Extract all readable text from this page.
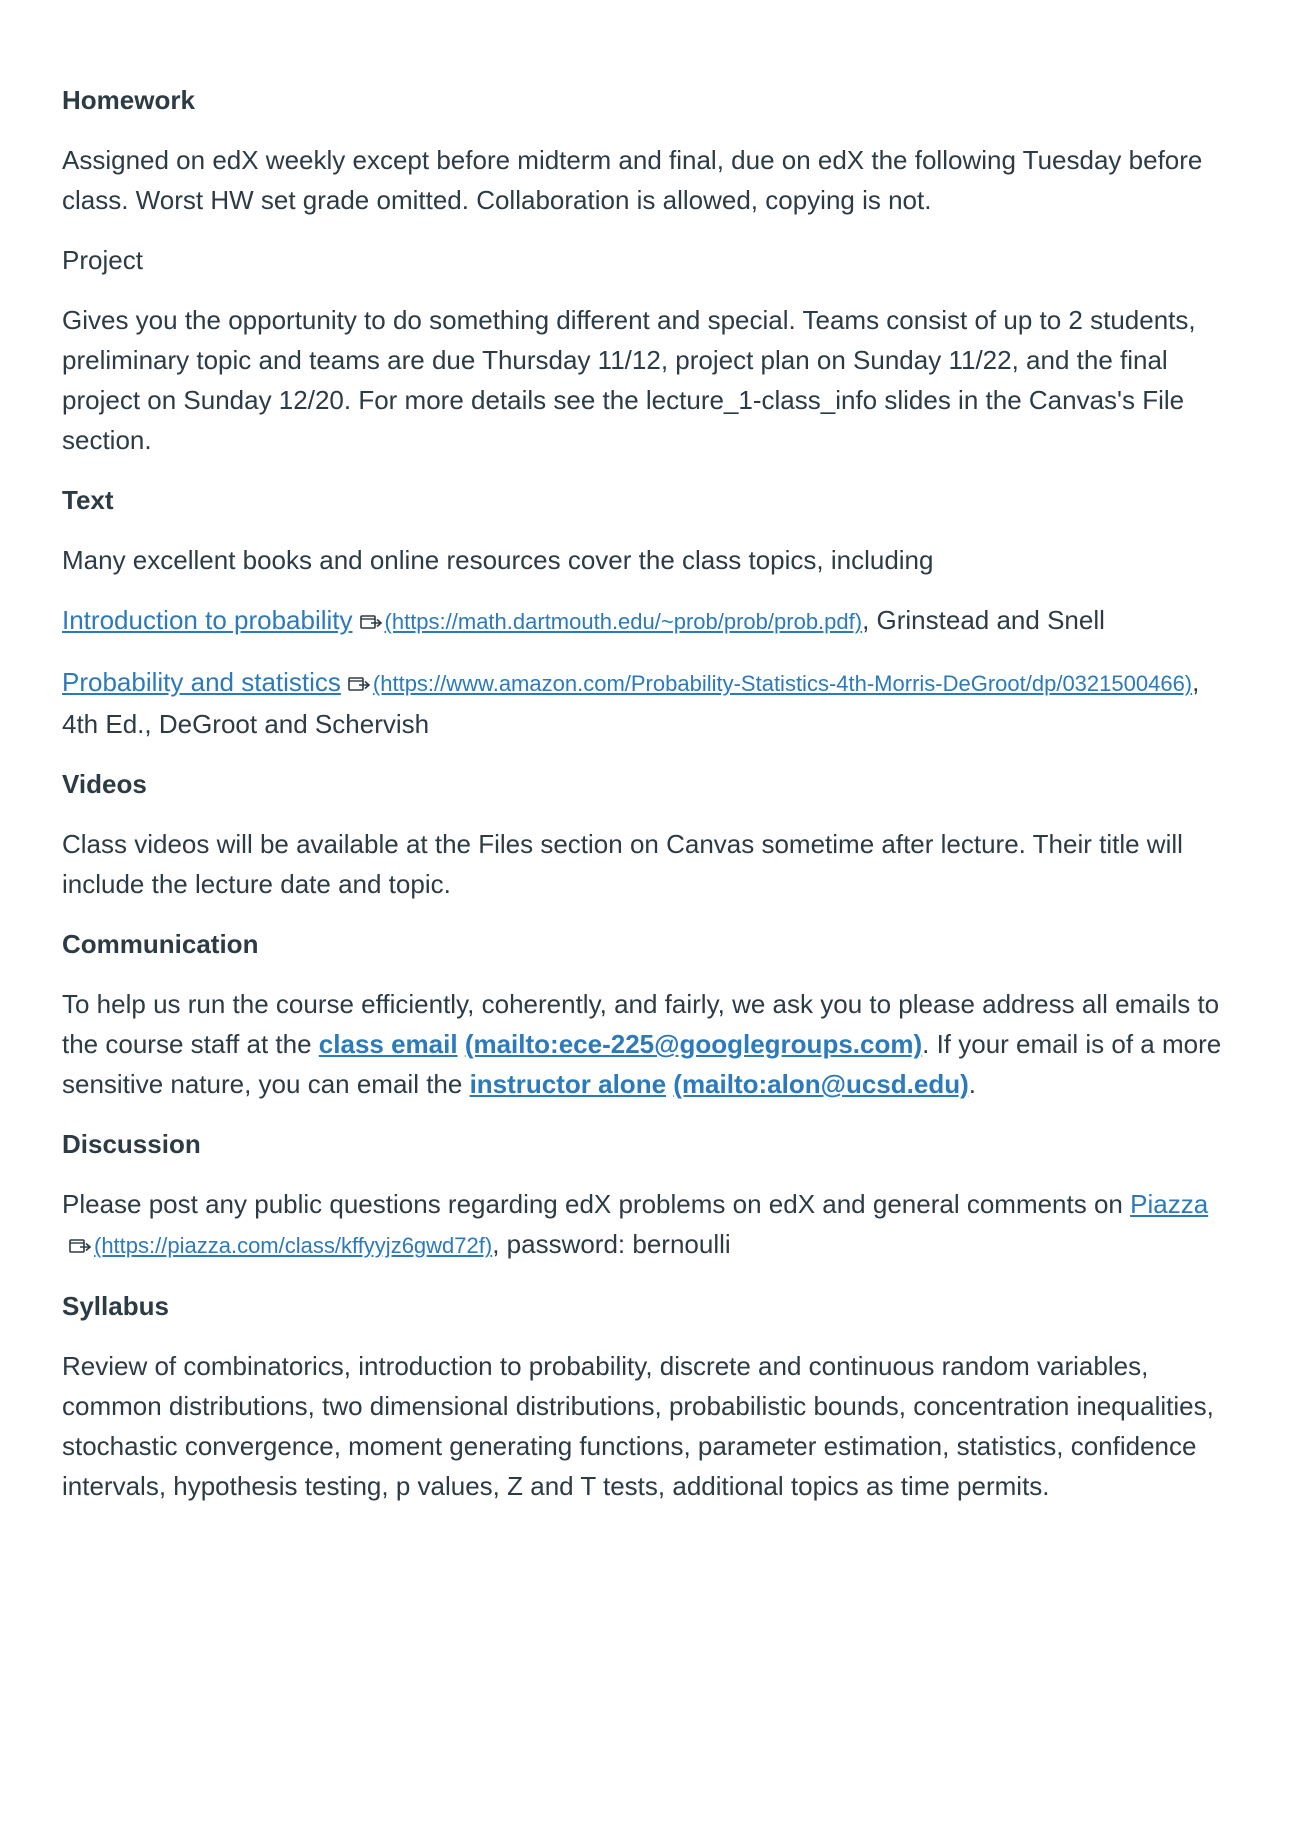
Homework

Assigned on edX weekly except before midterm and final, due on edX the following Tuesday before class. Worst HW set grade omitted. Collaboration is allowed, copying is not.

Project

Gives you the opportunity to do something different and special. Teams consist of up to 2 students, preliminary topic and teams are due Thursday 11/12, project plan on Sunday 11/22, and the final project on Sunday 12/20. For more details see the lecture_1-class_info slides in the Canvas's File section.

Text

Many excellent books and online resources cover the class topics, including

Introduction to probability (https://math.dartmouth.edu/~prob/prob/prob.pdf), Grinstead and Snell

Probability and statistics (https://www.amazon.com/Probability-Statistics-4th-Morris-DeGroot/dp/0321500466), 4th Ed., DeGroot and Schervish

Videos

Class videos will be available at the Files section on Canvas sometime after lecture. Their title will include the lecture date and topic.

Communication

To help us run the course efficiently, coherently, and fairly, we ask you to please address all emails to the course staff at the class email (mailto:ece-225@googlegroups.com). If your email is of a more sensitive nature, you can email the instructor alone (mailto:alon@ucsd.edu).

Discussion

Please post any public questions regarding edX problems on edX and general comments on Piazza
(https://piazza.com/class/kffyyjz6gwd72f), password: bernoulli

Syllabus

Review of combinatorics, introduction to probability, discrete and continuous random variables, common distributions, two dimensional distributions, probabilistic bounds, concentration inequalities, stochastic convergence, moment generating functions, parameter estimation, statistics, confidence intervals, hypothesis testing, p values, Z and T tests, additional topics as time permits.
